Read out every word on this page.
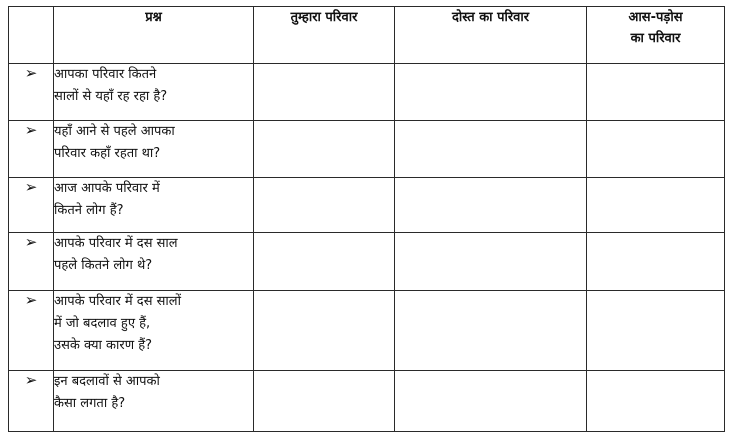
	प्रश्न	तुम्हारा परिवार	दोस्त का परिवार	आस-पड़ोस
का परिवार

➢	आपका परिवार कितने
सालों से यहाँ रह रहा है?			

➢	यहाँ आने से पहले आपका
परिवार कहाँ रहता था?			

➢	आज आपके परिवार में
कितने लोग हैं?			

➢	आपके परिवार में दस साल
पहले कितने लोग थे?			

➢	आपके परिवार में दस सालों
में जो बदलाव हुए हैं,
उसके क्या कारण हैं?			

➢	इन बदलावों से आपको
कैसा लगता है?			
